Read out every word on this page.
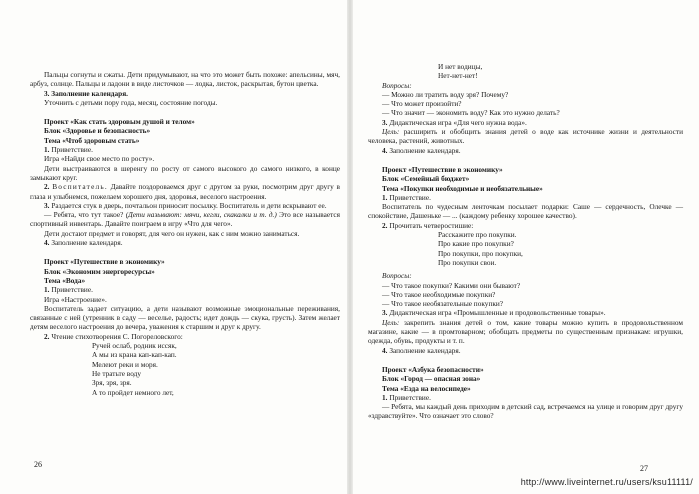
Пальцы согнуты и сжаты. Дети придумывают, на что это может быть похоже: апельсины, мяч, арбуз, солнце. Пальцы и ладони в виде листочков — лодка, листок, раскрытая, бутон цветка.

3. Заполнение календаря.

Уточнить с детьми пору года, месяц, состояние погоды.

Проект «Как стать здоровым душой и телом»

Блок «Здоровье и безопасность»

Тема «Чтоб здоровым стать»

1. Приветствие.

Игра «Найди свое место по росту».

Дети выстраиваются в шеренгу по росту от самого высокого до самого низкого, в конце замыкают круг.

2. Воспитатель. Давайте поздороваемся друг с другом за руки, посмотрим друг другу в глаза и улыбнемся, пожелаем хорошего дня, здоровья, веселого настроения.

3. Раздается стук в дверь, почтальон приносит посылку. Воспитатель и дети вскрывают ее.

— Ребята, что тут такое? (Дети называют: мячи, кегли, скакалки и т. д.) Это все называется спортивный инвентарь. Давайте поиграем в игру «Что для чего».

Дети достают предмет и говорят, для чего он нужен, как с ним можно заниматься.

4. Заполнение календаря.

Проект «Путешествие в экономику»

Блок «Экономим энергоресурсы»

Тема «Вода»

1. Приветствие.

Игра «Настроение».

Воспитатель задает ситуацию, а дети называют возможные эмоциональные переживания, связанные с ней (утренник в саду — веселье, радость; идет дождь — скука, грусть). Затем желает детям веселого настроения до вечера, уважения к старшим и друг к другу.

2. Чтение стихотворения С. Погореловского:

Ручей ослаб, родник иссяк,

А мы из крана кап-кап-кап.

Мелеют реки и моря.

Не тратьте воду

Зря, зря, зря.

А то пройдет немного лет,

26

И нет водицы,

Нет-нет-нет!

Вопросы:

— Можно ли тратить воду зря? Почему?

— Что может произойти?

— Что значит — экономить воду? Как это нужно делать?

3. Дидактическая игра «Для чего нужна вода».

Цель: расширить и обобщить знания детей о воде как источнике жизни и деятельности человека, растений, животных.

4. Заполнение календаря.

Проект «Путешествие в экономику»

Блок «Семейный бюджет»

Тема «Покупки необходимые и необязательные»

1. Приветствие.

Воспитатель по чудесным ленточкам посылает подарки: Саше — сердечность, Олечке — спокойствие, Дашеньке — ... (каждому ребенку хорошее качество).

2. Прочитать четверостишие:

Расскажите про покупки.

Про какие про покупки?

Про покупки, про покупки,

Про покупки свои.

Вопросы:

— Что такое покупки? Какими они бывают?

— Что такое необходимые покупки?

— Что такое необязательные покупки?

3. Дидактическая игра «Промышленные и продовольственные товары».

Цель: закрепить знания детей о том, какие товары можно купить в продовольственном магазине, какие — в промтоварном; обобщать предметы по существенным признакам: игрушки, одежда, обувь, продукты и т. п.

4. Заполнение календаря.

Проект «Азбука безопасности»

Блок «Город — опасная зона»

Тема «Езда на велосипеде»

1. Приветствие.

— Ребята, мы каждый день приходим в детский сад, встречаемся на улице и говорим друг другу «здравствуйте». Что означает это слово?

27
http://www.liveinternet.ru/users/ksu11111/
